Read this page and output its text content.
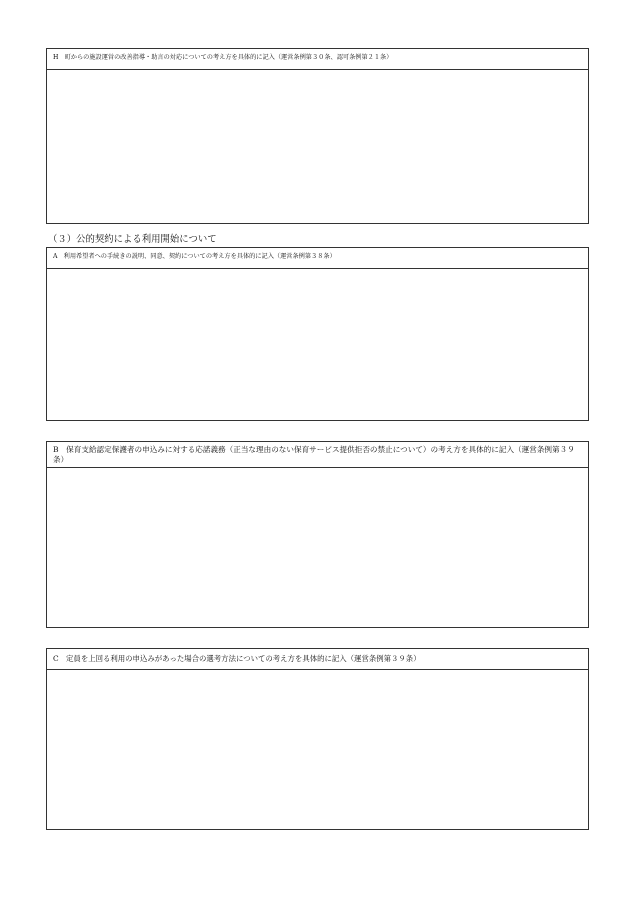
H　町からの施設運営の改善指導・助言の対応についての考え方を具体的に記入（運営条例第３０条、認可条例第２１条）
（３）公的契約による利用開始について
A　利用希望者への手続きの説明、同意、契約についての考え方を具体的に記入（運営条例第３８条）
B　保育支給認定保護者の申込みに対する応諾義務（正当な理由のない保育サービス提供拒否の禁止について）の考え方を具体的に記入（運営条例第３９条）
C　定員を上回る利用の申込みがあった場合の選考方法についての考え方を具体的に記入（運営条例第３９条）
